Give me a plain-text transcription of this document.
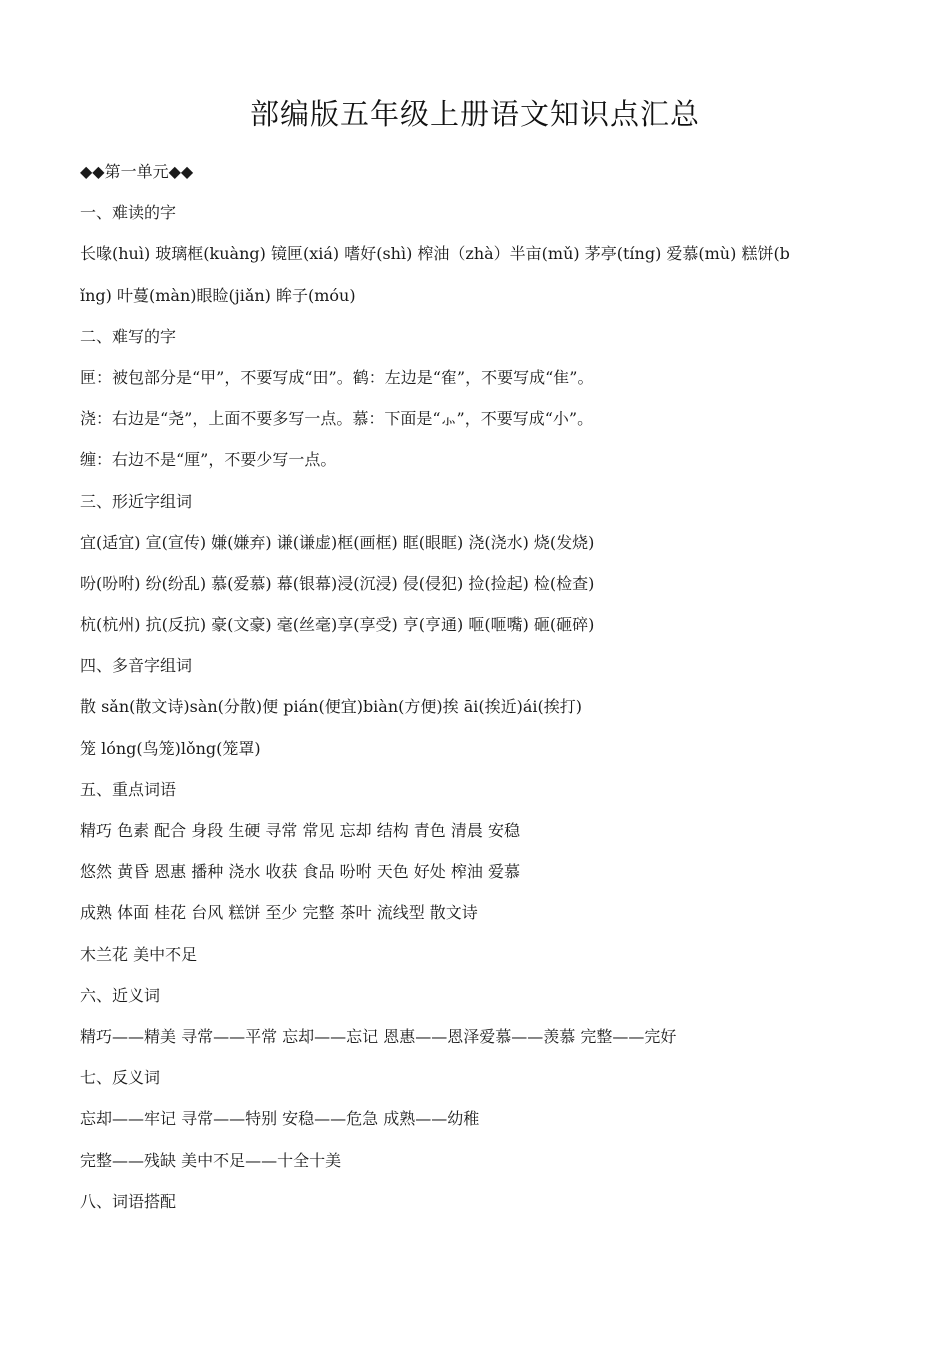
部编版五年级上册语文知识点汇总
◆◆第一单元◆◆
一、难读的字
长喙(huì) 玻璃框(kuàng) 镜匣(xiá) 嗜好(shì) 榨油（zhà）半亩(mǔ) 茅亭(tíng) 爱慕(mù) 糕饼(b
ǐng) 叶蔓(màn)眼睑(jiǎn) 眸子(móu)
二、难写的字
匣：被包部分是“甲”，不要写成“田”。鹤：左边是“隺”，不要写成“隹”。
浇：右边是“尧”，上面不要多写一点。慕：下面是“⺗”，不要写成“小”。
缠：右边不是“厘”，不要少写一点。
三、形近字组词
宜(适宜) 宣(宣传) 嫌(嫌弃) 谦(谦虚)框(画框) 眶(眼眶) 浇(浇水) 烧(发烧)
吩(吩咐) 纷(纷乱) 慕(爱慕) 幕(银幕)浸(沉浸) 侵(侵犯) 捡(捡起) 检(检查)
杭(杭州) 抗(反抗) 豪(文豪) 毫(丝毫)享(享受) 亨(亨通) 咂(咂嘴) 砸(砸碎)
四、多音字组词
散 sǎn(散文诗)sàn(分散)便 pián(便宜)biàn(方便)挨 āi(挨近)ái(挨打)
笼 lóng(鸟笼)lǒng(笼罩)
五、重点词语
精巧 色素 配合 身段 生硬 寻常 常见 忘却 结构 青色 清晨 安稳
悠然 黄昏 恩惠 播种 浇水 收获 食品 吩咐 天色 好处 榨油 爱慕
成熟 体面 桂花 台风 糕饼 至少 完整 茶叶 流线型 散文诗
木兰花 美中不足
六、近义词
精巧——精美 寻常——平常 忘却——忘记 恩惠——恩泽爱慕——羡慕 完整——完好
七、反义词
忘却——牢记 寻常——特别 安稳——危急 成熟——幼稚
完整——残缺 美中不足——十全十美
八、词语搭配
